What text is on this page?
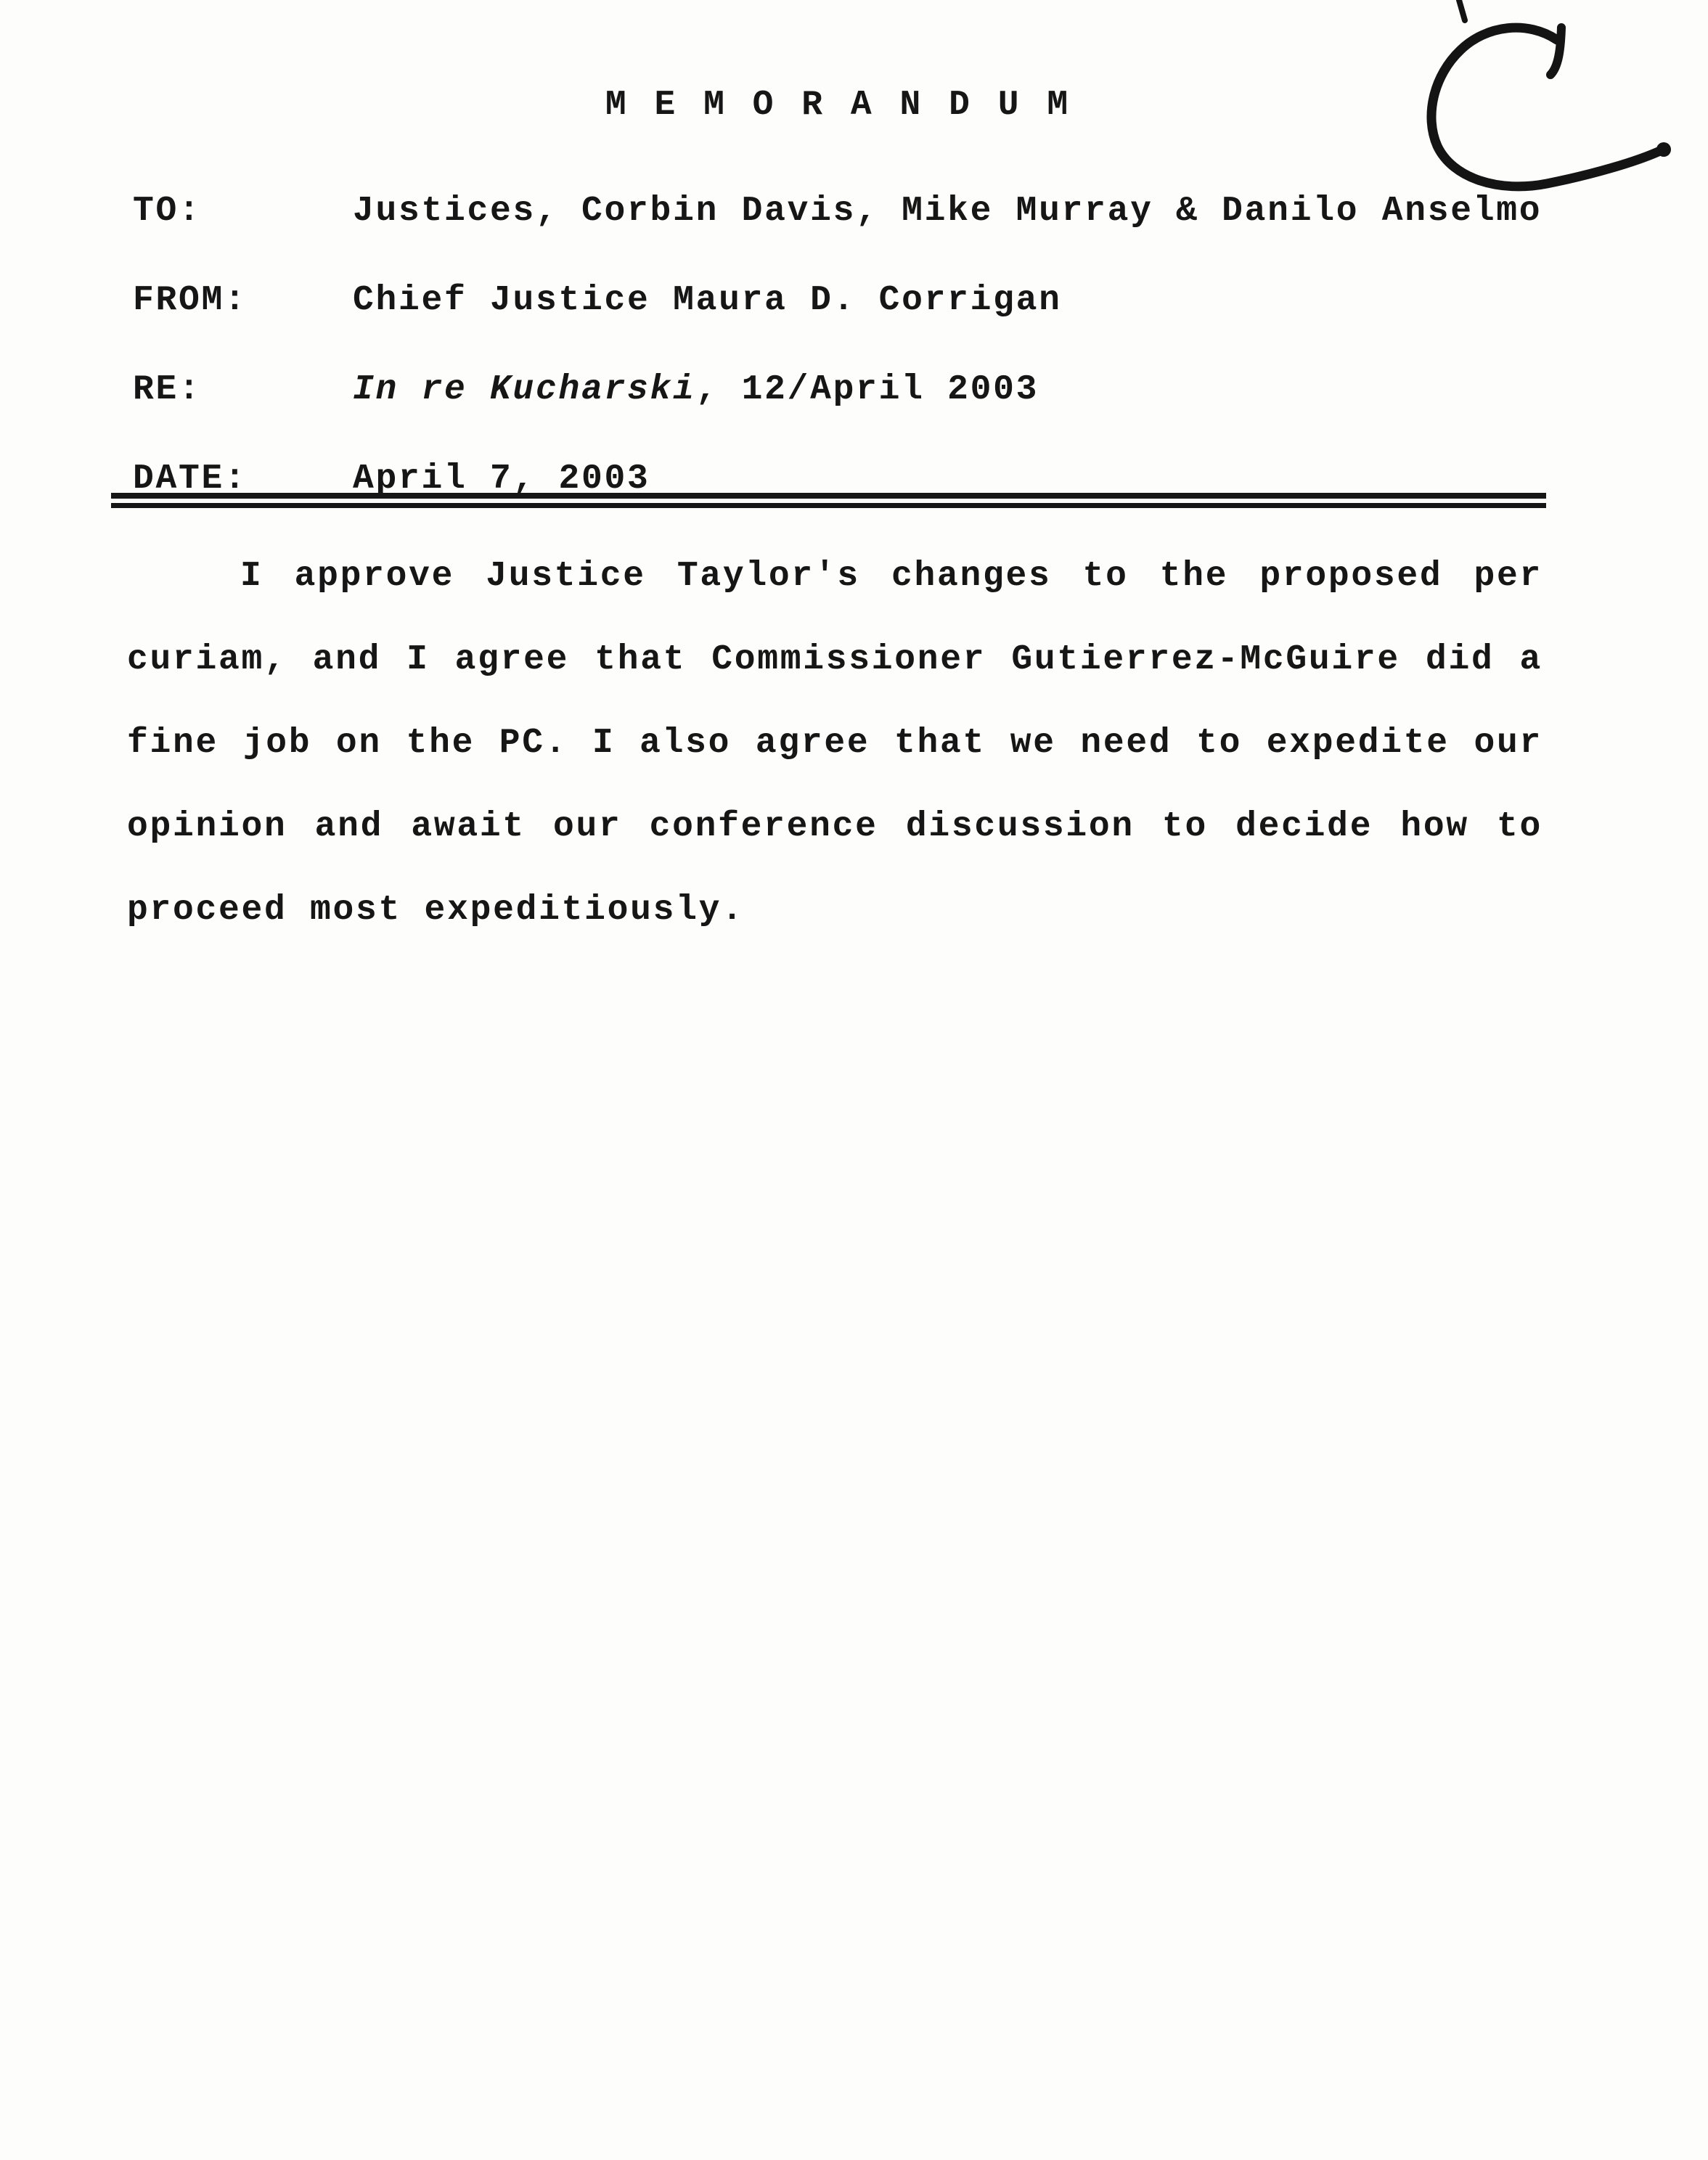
M E M O R A N D U M
TO:	Justices, Corbin Davis, Mike Murray & Danilo Anselmo
FROM:	Chief Justice Maura D. Corrigan
RE:	In re Kucharski, 12/April 2003
DATE:	April 7, 2003
I approve Justice Taylor's changes to the proposed per
curiam, and I agree that Commissioner Gutierrez-McGuire did a
fine job on the PC. I also agree that we need to expedite our
opinion and await our conference discussion to decide how to
proceed most expeditiously.
